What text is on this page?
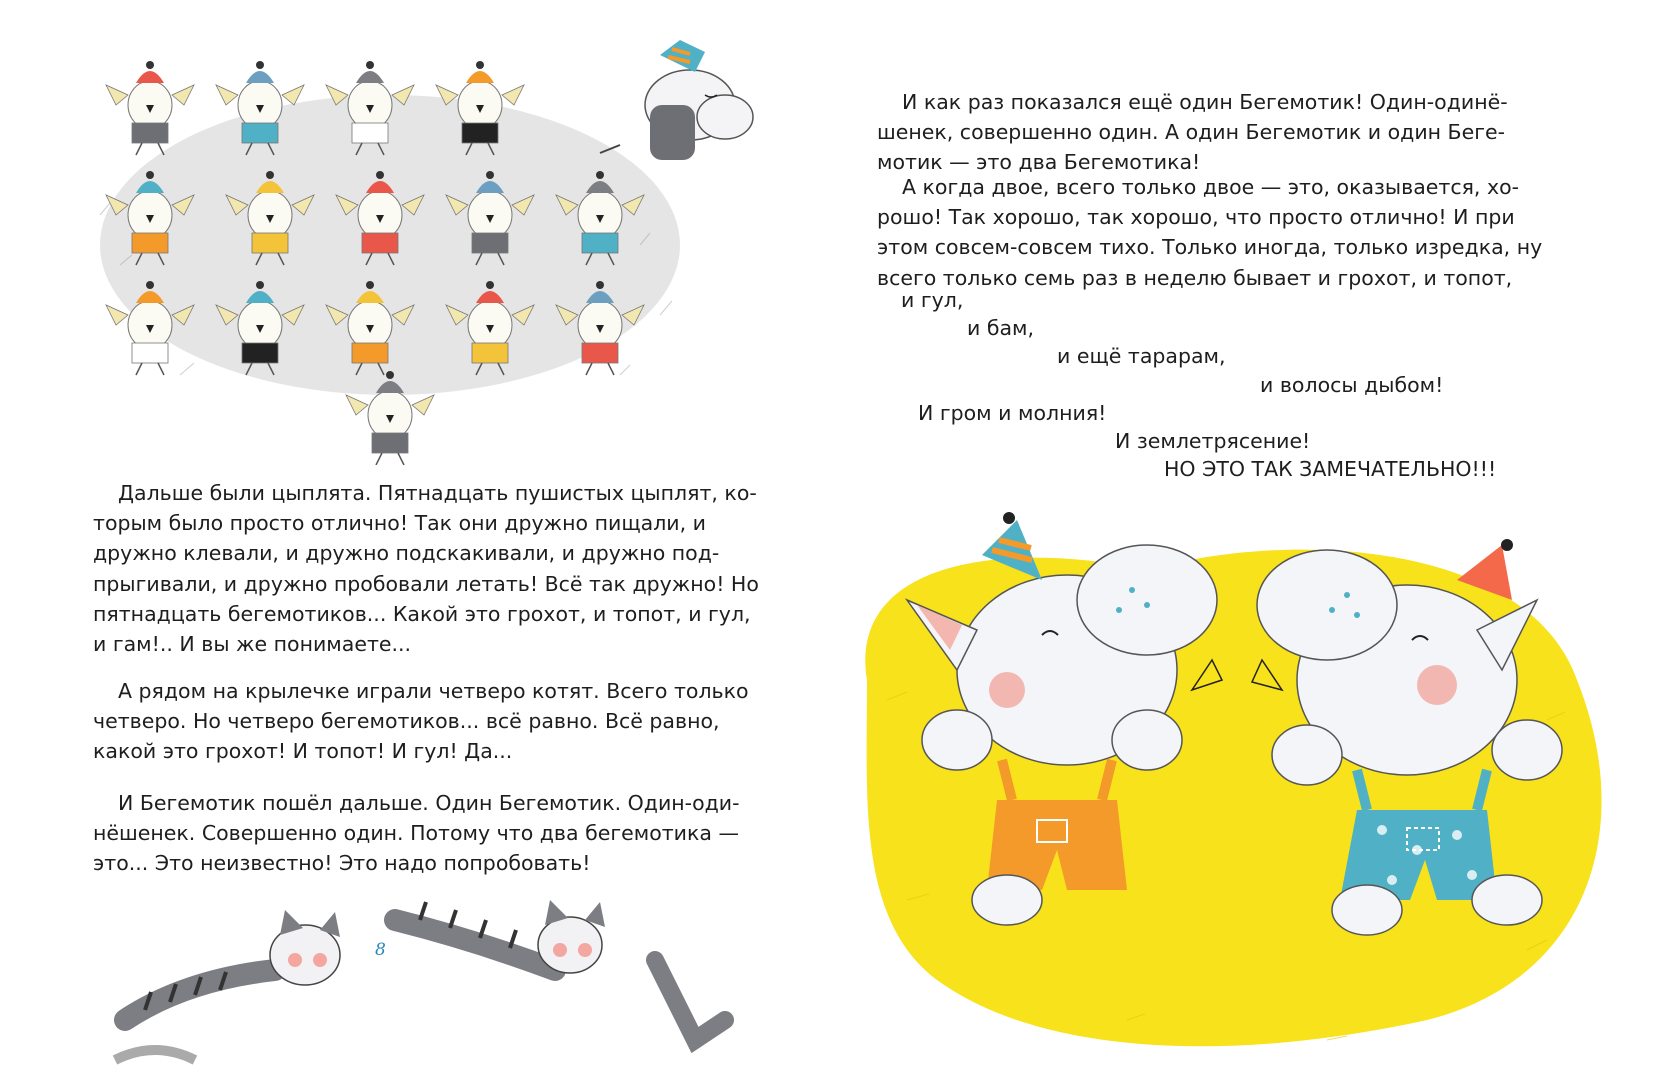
Дальше были цыплята. Пятнадцать пушистых цыплят, ко-
торым было просто отлично! Так они дружно пищали, и
дружно клевали, и дружно подскакивали, и дружно под-
прыгивали, и дружно пробовали летать! Всё так дружно! Но
пятнадцать бегемотиков... Какой это грохот, и топот, и гул,
и гам!.. И вы же понимаете...
А рядом на крылечке играли четверо котят. Всего только
четверо. Но четверо бегемотиков... всё равно. Всё равно,
какой это грохот! И топот! И гул! Да...
И Бегемотик пошёл дальше. Один Бегемотик. Один-оди-
нёшенек. Совершенно один. Потому что два бегемотика —
это... Это неизвестно! Это надо попробовать!
8
И как раз показался ещё один Бегемотик! Один-одинё-
шенек, совершенно один. А один Бегемотик и один Беге-
мотик — это два Бегемотика!
А когда двое, всего только двое — это, оказывается, хо-
рошо! Так хорошо, так хорошо, что просто отлично! И при
этом совсем-совсем тихо. Только иногда, только изредка, ну
всего только семь раз в неделю бывает и грохот, и топот,
и гул,
и бам,
и ещё тарарам,
и волосы дыбом!
И гром и молния!
И землетрясение!
НО ЭТО ТАК ЗАМЕЧАТЕЛЬНО!!!
